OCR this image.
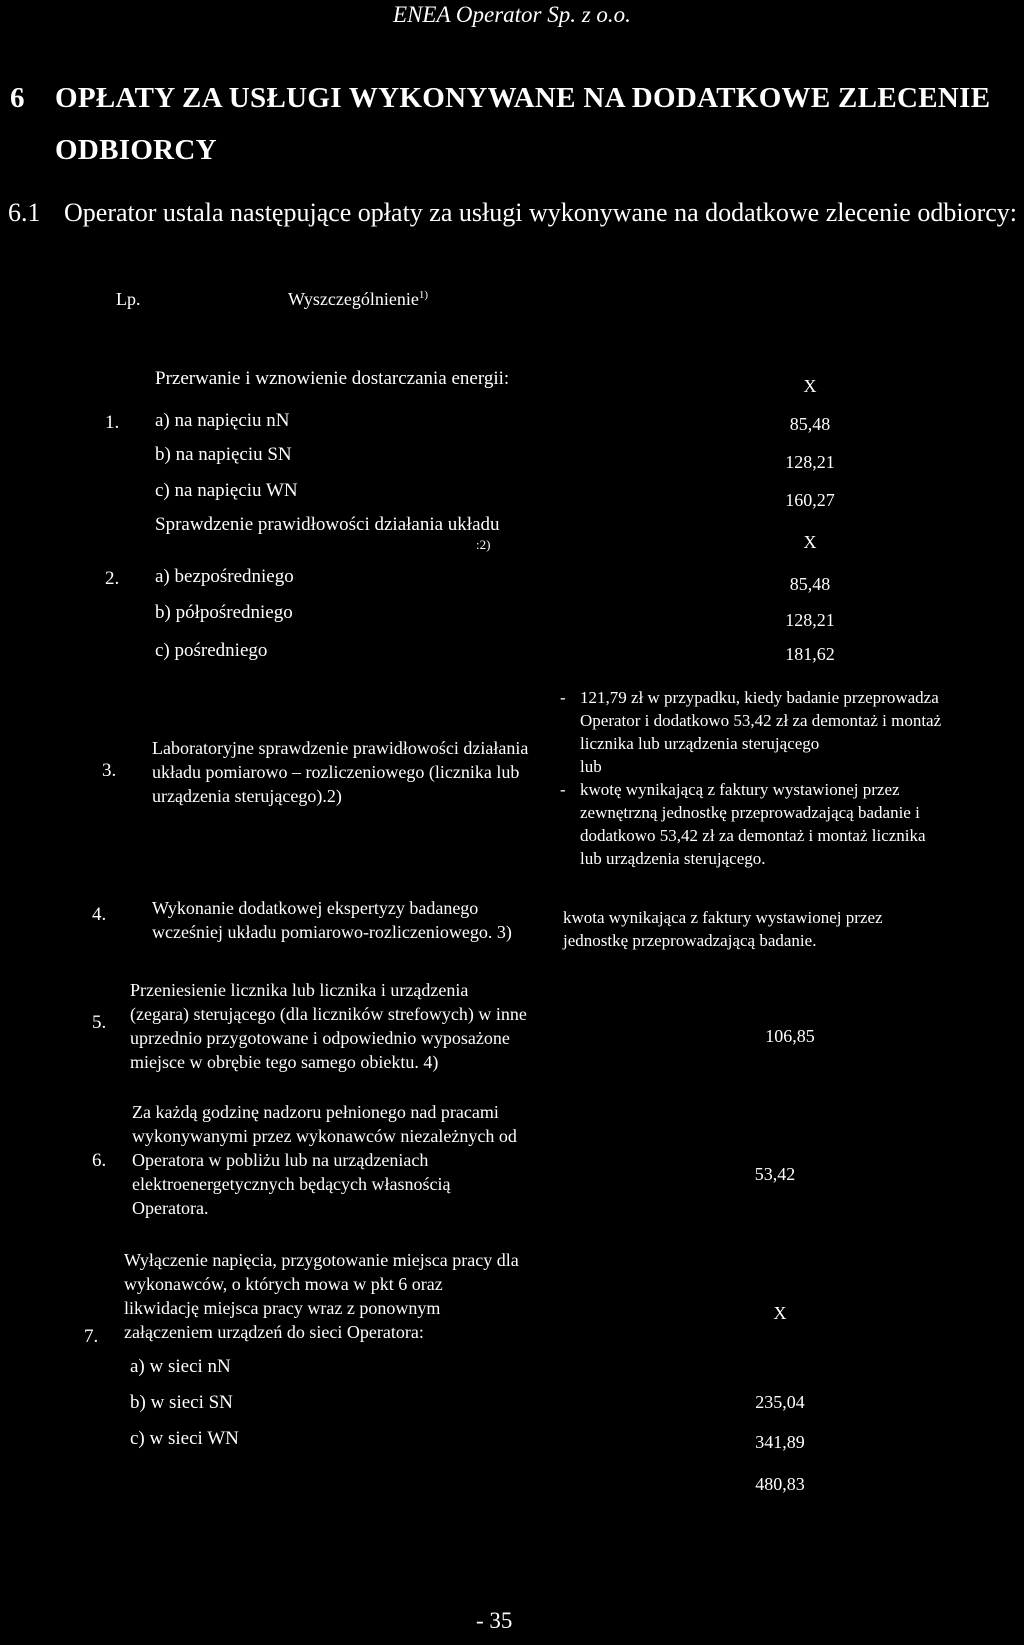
ENEA Operator Sp. z o.o.
6 OPŁATY ZA USŁUGI WYKONYWANE NA DODATKOWE ZLECENIE
ODBIORCY
6.1 Operator ustala następujące opłaty za usługi wykonywane na dodatkowe zlecenie odbiorcy:
Lp.	Wyszczególnienie$^{1)}$
1.
Przerwanie i wznowienie dostarczania energii:
a) na napięciu nN
b) na napięciu SN
c) na napięciu WN
X
85,48
128,21
160,27
2.
Sprawdzenie prawidłowości działania układu
:2)
a) bezpośredniego
b) półpośredniego
c) pośredniego
X
85,48
128,21
181,62
3.
Laboratoryjne sprawdzenie prawidłowości działania
układu pomiarowo – rozliczeniowego (licznika lub
urządzenia sterującego).2)
- 121,79 zł w przypadku, kiedy badanie przeprowadza
Operator i dodatkowo 53,42 zł za demontaż i montaż
licznika lub urządzenia sterującego
lub
- kwotę wynikającą z faktury wystawionej przez
zewnętrzną jednostkę przeprowadzającą badanie i
dodatkowo 53,42 zł za demontaż i montaż licznika
lub urządzenia sterującego.
4.	Wykonanie dodatkowej ekspertyzy badanego
wcześniej układu pomiarowo-rozliczeniowego. 3)
kwota wynikająca z faktury wystawionej przez
jednostkę przeprowadzającą badanie.
5.
Przeniesienie licznika lub licznika i urządzenia
(zegara) sterującego (dla liczników strefowych) w inne
uprzednio przygotowane i odpowiednio wyposażone
miejsce w obrębie tego samego obiektu. 4)
106,85
6.
Za każdą godzinę nadzoru pełnionego nad pracami
wykonywanymi przez wykonawców niezależnych od
Operatora w pobliżu lub na urządzeniach
elektroenergetycznych będących własnością
Operatora.
53,42
7.
Wyłączenie napięcia, przygotowanie miejsca pracy dla
wykonawców, o których mowa w pkt 6 oraz
likwidację miejsca pracy wraz z ponownym
załączeniem urządzeń do sieci Operatora:
a) w sieci nN
b) w sieci SN
c) w sieci WN
X
235,04
341,89
480,83
- 35
